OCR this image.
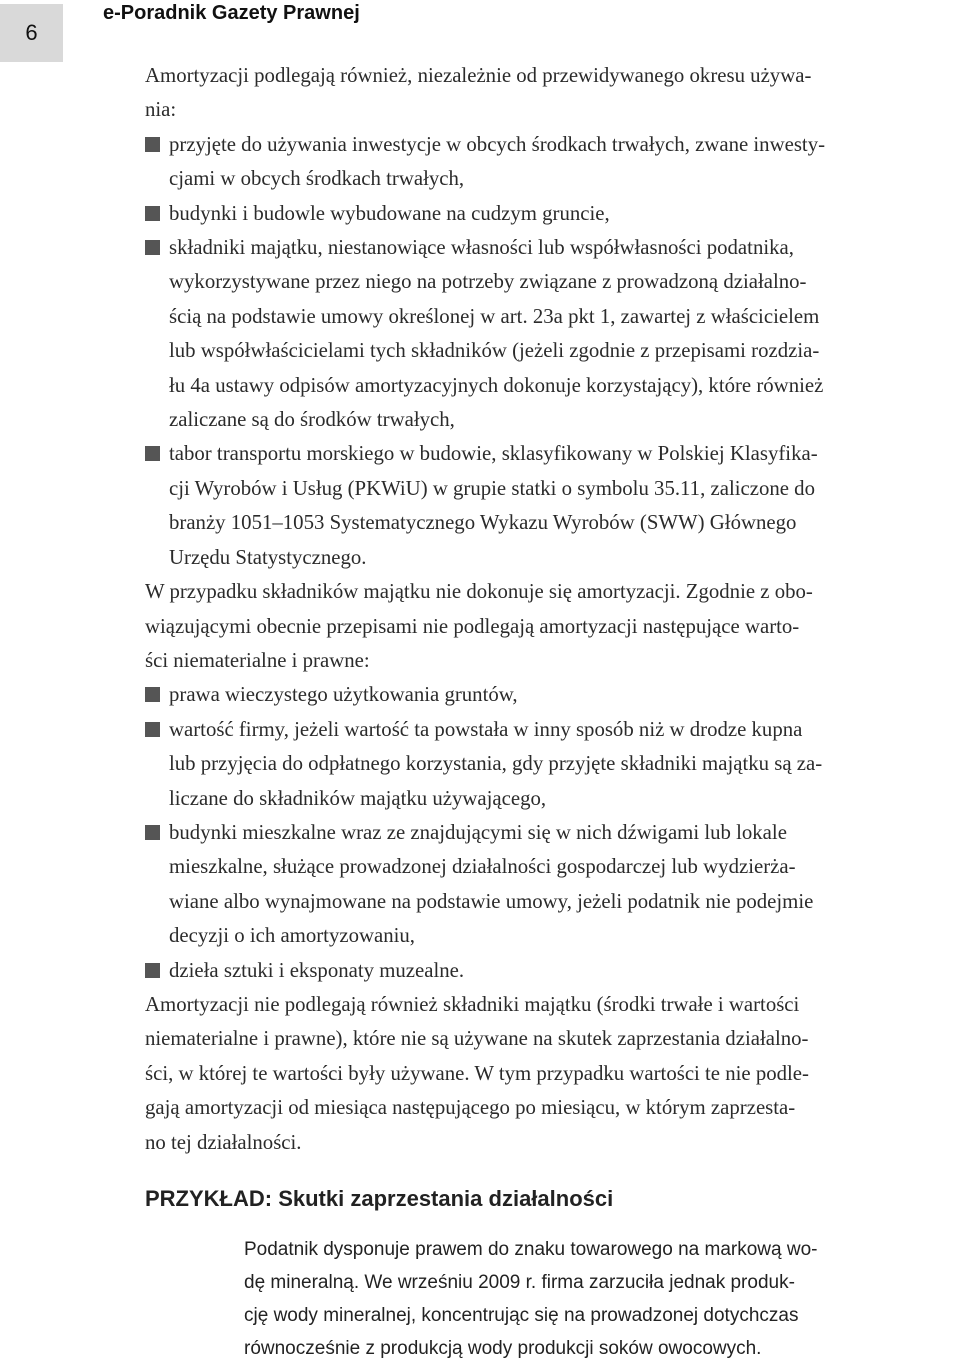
6
e-Poradnik Gazety Prawnej
Amortyzacji podlegają również, niezależnie od przewidywanego okresu używa-
nia:
przyjęte do używania inwestycje w obcych środkach trwałych, zwane inwesty-
cjami w obcych środkach trwałych,
budynki i budowle wybudowane na cudzym gruncie,
składniki majątku, niestanowiące własności lub współwłasności podatnika,
wykorzystywane przez niego na potrzeby związane z prowadzoną działalno-
ścią na podstawie umowy określonej w art. 23a pkt 1, zawartej z właścicielem
lub współwłaścicielami tych składników (jeżeli zgodnie z przepisami rozdzia-
łu 4a ustawy odpisów amortyzacyjnych dokonuje korzystający), które również
zaliczane są do środków trwałych,
tabor transportu morskiego w budowie, sklasyfikowany w Polskiej Klasyfika-
cji Wyrobów i Usług (PKWiU) w grupie statki o symbolu 35.11, zaliczone do
branży 1051–1053 Systematycznego Wykazu Wyrobów (SWW) Głównego
Urzędu Statystycznego.
W przypadku składników majątku nie dokonuje się amortyzacji. Zgodnie z obo-
wiązującymi obecnie przepisami nie podlegają amortyzacji następujące warto-
ści niematerialne i prawne:
prawa wieczystego użytkowania gruntów,
wartość firmy, jeżeli wartość ta powstała w inny sposób niż w drodze kupna
lub przyjęcia do odpłatnego korzystania, gdy przyjęte składniki majątku są za-
liczane do składników majątku używającego,
budynki mieszkalne wraz ze znajdującymi się w nich dźwigami lub lokale
mieszkalne, służące prowadzonej działalności gospodarczej lub wydzierża-
wiane albo wynajmowane na podstawie umowy, jeżeli podatnik nie podejmie
decyzji o ich amortyzowaniu,
dzieła sztuki i eksponaty muzealne.
Amortyzacji nie podlegają również składniki majątku (środki trwałe i wartości
niematerialne i prawne), które nie są używane na skutek zaprzestania działalno-
ści, w której te wartości były używane. W tym przypadku wartości te nie podle-
gają amortyzacji od miesiąca następującego po miesiącu, w którym zaprzesta-
no tej działalności.
PRZYKŁAD: Skutki zaprzestania działalności
Podatnik dysponuje prawem do znaku towarowego na markową wo-
dę mineralną. We wrześniu 2009 r. firma zarzuciła jednak produk-
cję wody mineralnej, koncentrując się na prowadzonej dotychczas
równocześnie z produkcją wody produkcji soków owocowych.
